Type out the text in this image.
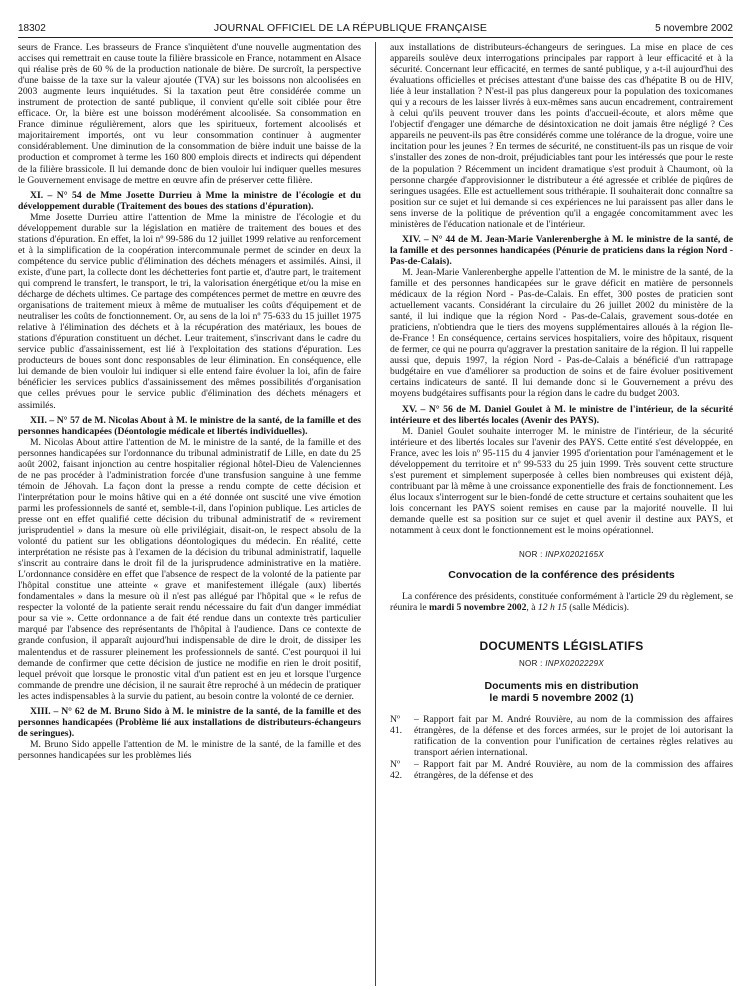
18302	JOURNAL OFFICIEL DE LA RÉPUBLIQUE FRANÇAISE	5 novembre 2002

seurs de France. Les brasseurs de France s'inquiètent d'une nouvelle augmentation des accises qui remettrait en cause toute la filière brassicole en France, notamment en Alsace qui réalise près de 60 % de la production nationale de bière. De surcroît, la perspective d'une baisse de la taxe sur la valeur ajoutée (TVA) sur les boissons non alcoolisées en 2003 augmente leurs inquiétudes. Si la taxation peut être considérée comme un instrument de protection de santé publique, il convient qu'elle soit ciblée pour être efficace. Or, la bière est une boisson modérément alcoolisée. Sa consommation en France diminue régulièrement, alors que les spiritueux, fortement alcoolisés et majoritairement importés, ont vu leur consommation continuer à augmenter considérablement. Une diminution de la consommation de bière induit une baisse de la production et compromet à terme les 160 800 emplois directs et indirects qui dépendent de la filière brassicole. Il lui demande donc de bien vouloir lui indiquer quelles mesures le Gouvernement envisage de mettre en œuvre afin de préserver cette filière.

XI. – N° 54 de Mme Josette Durrieu à Mme la ministre de l'écologie et du développement durable (Traitement des boues des stations d'épuration).

Mme Josette Durrieu attire l'attention de Mme la ministre de l'écologie et du développement durable sur la législation en matière de traitement des boues et des stations d'épuration. En effet, la loi nº 99-586 du 12 juillet 1999 relative au renforcement et à la simplification de la coopération intercommunale permet de scinder en deux la compétence du service public d'élimination des déchets ménagers et assimilés. Ainsi, il existe, d'une part, la collecte dont les déchetteries font partie et, d'autre part, le traitement qui comprend le transfert, le transport, le tri, la valorisation énergétique et/ou la mise en décharge de déchets ultimes. Ce partage des compétences permet de mettre en œuvre des organisations de traitement mieux à même de mutualiser les coûts d'équipement et de neutraliser les coûts de fonctionnement. Or, au sens de la loi nº 75-633 du 15 juillet 1975 relative à l'élimination des déchets et à la récupération des matériaux, les boues de stations d'épuration constituent un déchet. Leur traitement, s'inscrivant dans le cadre du service public d'assainissement, est lié à l'exploitation des stations d'épuration. Les producteurs de boues sont donc responsables de leur élimination. En conséquence, elle lui demande de bien vouloir lui indiquer si elle entend faire évoluer la loi, afin de faire bénéficier les services publics d'assainissement des mêmes possibilités d'organisation que celles prévues pour le service public d'élimination des déchets ménagers et assimilés.

XII. – N° 57 de M. Nicolas About à M. le ministre de la santé, de la famille et des personnes handicapées (Déontologie médicale et libertés individuelles).

M. Nicolas About attire l'attention de M. le ministre de la santé, de la famille et des personnes handicapées sur l'ordonnance du tribunal administratif de Lille, en date du 25 août 2002, faisant injonction au centre hospitalier régional hôtel-Dieu de Valenciennes de ne pas procéder à l'administration forcée d'une transfusion sanguine à une femme témoin de Jéhovah. La façon dont la presse a rendu compte de cette décision et l'interprétation pour le moins hâtive qui en a été donnée ont suscité une vive émotion parmi les professionnels de santé et, semble-t-il, dans l'opinion publique. Les articles de presse ont en effet qualifié cette décision du tribunal administratif de « revirement jurisprudentiel » dans la mesure où elle privilégiait, disait-on, le respect absolu de la volonté du patient sur les obligations déontologiques du médecin. En réalité, cette interprétation ne résiste pas à l'examen de la décision du tribunal administratif, laquelle s'inscrit au contraire dans le droit fil de la jurisprudence administrative en la matière. L'ordonnance considère en effet que l'absence de respect de la volonté de la patiente par l'hôpital constitue une atteinte « grave et manifestement illégale (aux) libertés fondamentales » dans la mesure où il n'est pas allégué par l'hôpital que « le refus de respecter la volonté de la patiente serait rendu nécessaire du fait d'un danger immédiat pour sa vie ». Cette ordonnance a de fait été rendue dans un contexte très particulier marqué par l'absence des représentants de l'hôpital à l'audience. Dans ce contexte de grande confusion, il apparaît aujourd'hui indispensable de dire le droit, de dissiper les malentendus et de rassurer pleinement les professionnels de santé. C'est pourquoi il lui demande de confirmer que cette décision de justice ne modifie en rien le droit positif, lequel prévoit que lorsque le pronostic vital d'un patient est en jeu et lorsque l'urgence commande de prendre une décision, il ne saurait être reproché à un médecin de pratiquer les actes indispensables à la survie du patient, au besoin contre la volonté de ce dernier.

XIII. – N° 62 de M. Bruno Sido à M. le ministre de la santé, de la famille et des personnes handicapées (Problème lié aux installations de distributeurs-échangeurs de seringues).

M. Bruno Sido appelle l'attention de M. le ministre de la santé, de la famille et des personnes handicapées sur les problèmes liés

aux installations de distributeurs-échangeurs de seringues. La mise en place de ces appareils soulève deux interrogations principales par rapport à leur efficacité et à la sécurité. Concernant leur efficacité, en termes de santé publique, y a-t-il aujourd'hui des évaluations officielles et précises attestant d'une baisse des cas d'hépatite B ou de HIV, liée à leur installation ? N'est-il pas plus dangereux pour la population des toxicomanes qui y a recours de les laisser livrés à eux-mêmes sans aucun encadrement, contrairement à celui qu'ils peuvent trouver dans les points d'accueil-écoute, et alors même que l'objectif d'engager une démarche de désintoxication ne doit jamais être négligé ? Ces appareils ne peuvent-ils pas être considérés comme une tolérance de la drogue, voire une incitation pour les jeunes ? En termes de sécurité, ne constituent-ils pas un risque de voir s'installer des zones de non-droit, préjudiciables tant pour les intéressés que pour le reste de la population ? Récemment un incident dramatique s'est produit à Chaumont, où la personne chargée d'approvisionner le distributeur a été agressée et criblée de piqûres de seringues usagées. Elle est actuellement sous trithérapie. Il souhaiterait donc connaître sa position sur ce sujet et lui demande si ces expériences ne lui paraissent pas aller dans le sens inverse de la politique de prévention qu'il a engagée concomitamment avec les ministères de l'éducation nationale et de l'intérieur.

XIV. – N° 44 de M. Jean-Marie Vanlerenberghe à M. le ministre de la santé, de la famille et des personnes handicapées (Pénurie de praticiens dans la région Nord - Pas-de-Calais).

M. Jean-Marie Vanlerenberghe appelle l'attention de M. le ministre de la santé, de la famille et des personnes handicapées sur le grave déficit en matière de personnels médicaux de la région Nord - Pas-de-Calais. En effet, 300 postes de praticien sont actuellement vacants. Considérant la circulaire du 26 juillet 2002 du ministère de la santé, il lui indique que la région Nord - Pas-de-Calais, gravement sous-dotée en praticiens, n'obtiendra que le tiers des moyens supplémentaires alloués à la région Ile-de-France ! En conséquence, certains services hospitaliers, voire des hôpitaux, risquent de fermer, ce qui ne pourra qu'aggraver la prestation sanitaire de la région. Il lui rappelle aussi que, depuis 1997, la région Nord - Pas-de-Calais a bénéficié d'un rattrapage budgétaire en vue d'améliorer sa production de soins et de faire évoluer positivement certains indicateurs de santé. Il lui demande donc si le Gouvernement a prévu des moyens budgétaires suffisants pour la région dans le cadre du budget 2003.

XV. – N° 56 de M. Daniel Goulet à M. le ministre de l'intérieur, de la sécurité intérieure et des libertés locales (Avenir des PAYS).

M. Daniel Goulet souhaite interroger M. le ministre de l'intérieur, de la sécurité intérieure et des libertés locales sur l'avenir des PAYS. Cette entité s'est développée, en France, avec les lois nº 95-115 du 4 janvier 1995 d'orientation pour l'aménagement et le développement du territoire et nº 99-533 du 25 juin 1999. Très souvent cette structure s'est purement et simplement superposée à celles bien nombreuses qui existent déjà, contribuant par là même à une croissance exponentielle des frais de fonctionnement. Les élus locaux s'interrogent sur le bien-fondé de cette structure et certains souhaitent que les lois concernant les PAYS soient remises en cause par la majorité nouvelle. Il lui demande quelle est sa position sur ce sujet et quel avenir il destine aux PAYS, et notamment à ceux dont le fonctionnement est le moins opérationnel.

NOR : INPX0202165X
Convocation de la conférence des présidents

La conférence des présidents, constituée conformément à l'article 29 du règlement, se réunira le mardi 5 novembre 2002, à 12 h 15 (salle Médicis).

DOCUMENTS LÉGISLATIFS
NOR : INPX0202229X
Documents mis en distribution
le mardi 5 novembre 2002 (1)
Nº 41.
– Rapport fait par M. André Rouvière, au nom de la commission des affaires étrangères, de la défense et des forces armées, sur le projet de loi autorisant la ratification de la convention pour l'unification de certaines règles relatives au transport aérien international.
Nº 42.
– Rapport fait par M. André Rouvière, au nom de la commission des affaires étrangères, de la défense et des
